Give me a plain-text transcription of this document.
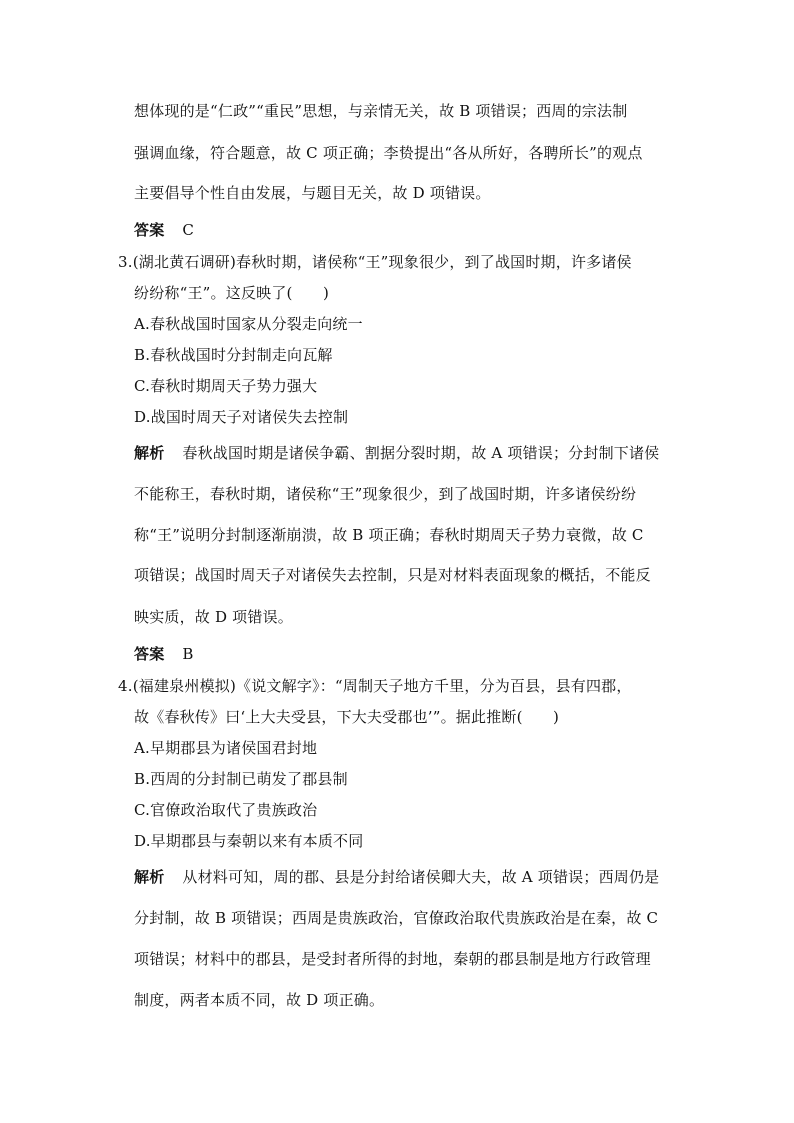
想体现的是“仁政”“重民”思想，与亲情无关，故 B 项错误；西周的宗法制
强调血缘，符合题意，故 C 项正确；李贽提出“各从所好，各聘所长”的观点
主要倡导个性自由发展，与题目无关，故 D 项错误。
答案 C
3.(湖北黄石调研)春秋时期，诸侯称“王”现象很少，到了战国时期，许多诸侯
纷纷称“王”。这反映了(　　)
A.春秋战国时国家从分裂走向统一
B.春秋战国时分封制走向瓦解
C.春秋时期周天子势力强大
D.战国时周天子对诸侯失去控制
解析 春秋战国时期是诸侯争霸、割据分裂时期，故 A 项错误；分封制下诸侯
不能称王，春秋时期，诸侯称“王”现象很少，到了战国时期，许多诸侯纷纷
称“王”说明分封制逐渐崩溃，故 B 项正确；春秋时期周天子势力衰微，故 C
项错误；战国时周天子对诸侯失去控制，只是对材料表面现象的概括，不能反
映实质，故 D 项错误。
答案 B
4.(福建泉州模拟)《说文解字》：“周制天子地方千里，分为百县，县有四郡，
故《春秋传》曰‘上大夫受县，下大夫受郡也’”。据此推断(　　)
A.早期郡县为诸侯国君封地
B.西周的分封制已萌发了郡县制
C.官僚政治取代了贵族政治
D.早期郡县与秦朝以来有本质不同
解析 从材料可知，周的郡、县是分封给诸侯卿大夫，故 A 项错误；西周仍是
分封制，故 B 项错误；西周是贵族政治，官僚政治取代贵族政治是在秦，故 C
项错误；材料中的郡县，是受封者所得的封地，秦朝的郡县制是地方行政管理
制度，两者本质不同，故 D 项正确。
